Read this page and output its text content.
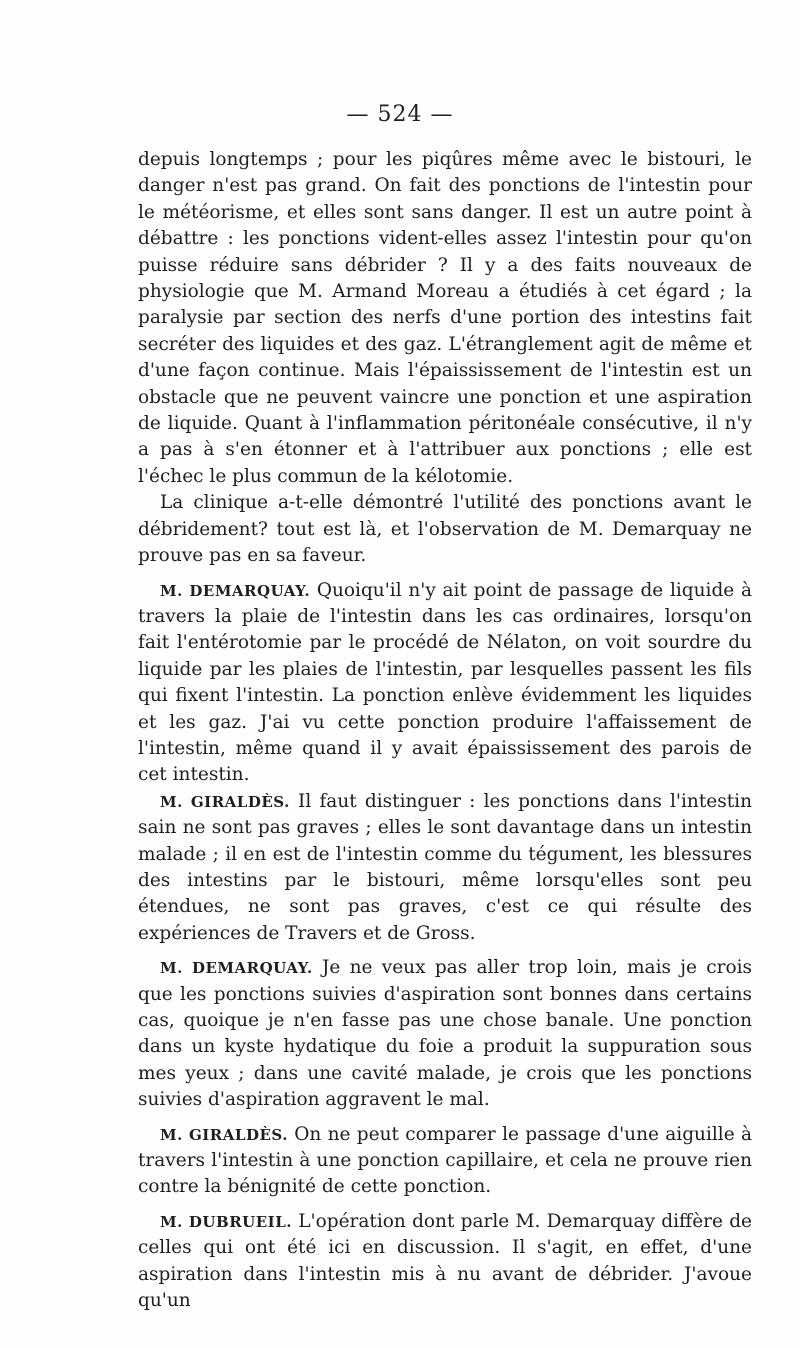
— 524 —

depuis longtemps ; pour les piqûres même avec le bistouri, le danger n'est pas grand. On fait des ponctions de l'intestin pour le météorisme, et elles sont sans danger. Il est un autre point à débattre : les ponctions vident-elles assez l'intestin pour qu'on puisse réduire sans débrider ? Il y a des faits nouveaux de physiologie que M. Armand Moreau a étudiés à cet égard ; la paralysie par section des nerfs d'une portion des intestins fait secréter des liquides et des gaz. L'étranglement agit de même et d'une façon continue. Mais l'épaississement de l'intestin est un obstacle que ne peuvent vaincre une ponction et une aspiration de liquide. Quant à l'inflammation péritonéale consécutive, il n'y a pas à s'en étonner et à l'attribuer aux ponctions ; elle est l'échec le plus commun de la kélotomie.

La clinique a-t-elle démontré l'utilité des ponctions avant le débridement? tout est là, et l'observation de M. Demarquay ne prouve pas en sa faveur.

M. DEMARQUAY. Quoiqu'il n'y ait point de passage de liquide à travers la plaie de l'intestin dans les cas ordinaires, lorsqu'on fait l'entérotomie par le procédé de Nélaton, on voit sourdre du liquide par les plaies de l'intestin, par lesquelles passent les fils qui fixent l'intestin. La ponction enlève évidemment les liquides et les gaz. J'ai vu cette ponction produire l'affaissement de l'intestin, même quand il y avait épaississement des parois de cet intestin.

M. GIRALDÈS. Il faut distinguer : les ponctions dans l'intestin sain ne sont pas graves ; elles le sont davantage dans un intestin malade ; il en est de l'intestin comme du tégument, les blessures des intestins par le bistouri, même lorsqu'elles sont peu étendues, ne sont pas graves, c'est ce qui résulte des expériences de Travers et de Gross.

M. DEMARQUAY. Je ne veux pas aller trop loin, mais je crois que les ponctions suivies d'aspiration sont bonnes dans certains cas, quoique je n'en fasse pas une chose banale. Une ponction dans un kyste hydatique du foie a produit la suppuration sous mes yeux ; dans une cavité malade, je crois que les ponctions suivies d'aspiration aggravent le mal.

M. GIRALDÈS. On ne peut comparer le passage d'une aiguille à travers l'intestin à une ponction capillaire, et cela ne prouve rien contre la bénignité de cette ponction.

M. DUBRUEIL. L'opération dont parle M. Demarquay diffère de celles qui ont été ici en discussion. Il s'agit, en effet, d'une aspiration dans l'intestin mis à nu avant de débrider. J'avoue qu'un
